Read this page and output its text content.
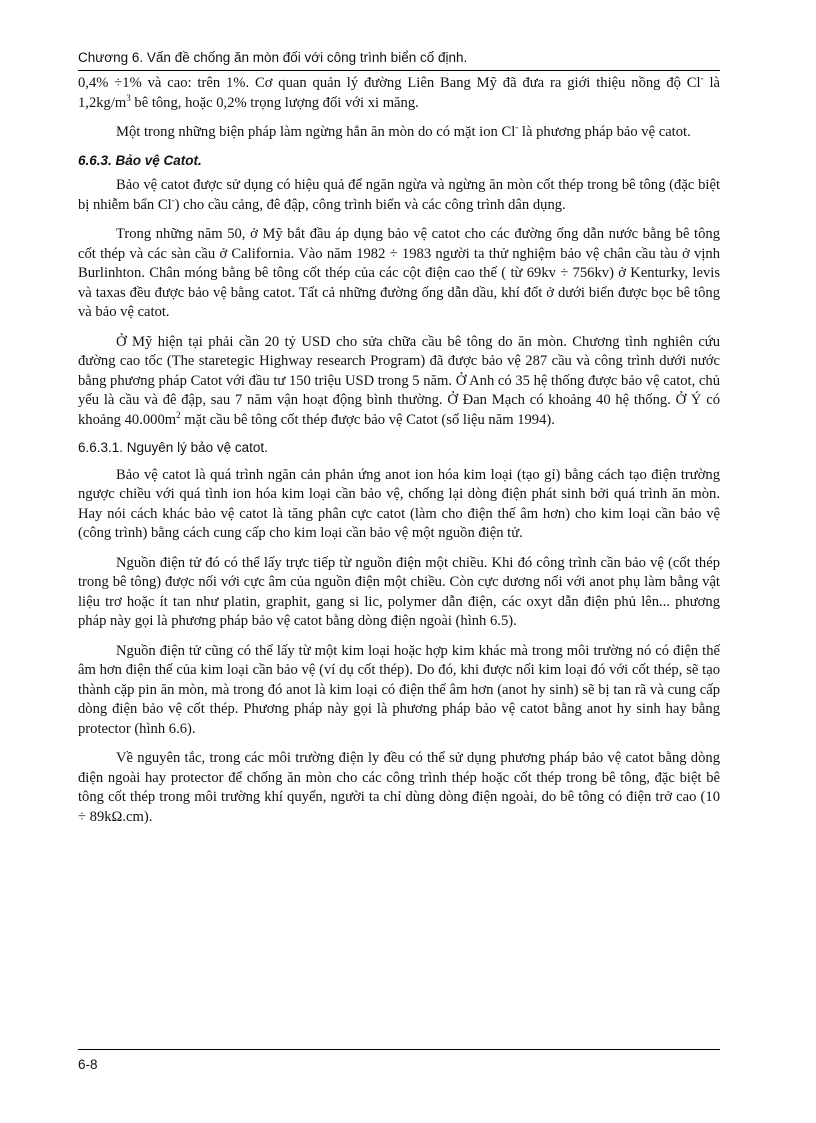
Chương 6. Vấn đề chống ăn mòn đối với công trình biển cố định.

0,4% ÷1% và cao: trên 1%. Cơ quan quản lý đường Liên Bang Mỹ đã đưa ra giới thiệu nồng độ Cl- là $1,2kg/m^3$ bê tông, hoặc 0,2% trọng lượng đối với xi măng.

Một trong những biện pháp làm ngừng hẳn ăn mòn do có mặt ion Cl- là phương pháp bảo vệ catot.

6.6.3. Bảo vệ Catot.

Bảo vệ catot được sử dụng có hiệu quả để ngăn ngừa và ngừng ăn mòn cốt thép trong bê tông (đặc biệt bị nhiễm bẩn Cl-) cho cầu cảng, đê đập, công trình biển và các công trình dân dụng.

Trong những năm 50, ở Mỹ bắt đầu áp dụng bảo vệ catot cho các đường ống dẫn nước bằng bê tông cốt thép và các sàn cầu ở California. Vào năm 1982 ÷ 1983 người ta thử nghiệm bảo vệ chân cầu tàu ở vịnh Burlinhton. Chân móng bằng bê tông cốt thép của các cột điện cao thế ( từ 69kv ÷ 756kv) ở Kenturky, levis và taxas đều được bảo vệ bằng catot. Tất cả những đường ống dẫn dầu, khí đốt ở dưới biển được bọc bê tông và bảo vệ catot.

Ở Mỹ hiện tại phải cần 20 tỷ USD cho sửa chữa cầu bê tông do ăn mòn. Chương tình nghiên cứu đường cao tốc (The staretegic Highway research Program) đã được bảo vệ 287 cầu và công trình dưới nước bằng phương pháp Catot với đầu tư 150 triệu USD trong 5 năm. Ở Anh có 35 hệ thống được bảo vệ catot, chủ yếu là cầu và đê đập, sau 7 năm vận hoạt động bình thường. Ở Đan Mạch có khoảng 40 hệ thống. Ở Ý có khoảng $40.000m^2$ mặt cầu bê tông cốt thép được bảo vệ Catot (số liệu năm 1994).

6.6.3.1. Nguyên lý bảo vệ catot.

Bảo vệ catot là quá trình ngăn cản phản ứng anot ion hóa kim loại (tạo gỉ) bằng cách tạo điện trường ngược chiều với quá tình ion hóa kim loại cần bảo vệ, chống lại dòng điện phát sinh bởi quá trình ăn mòn. Hay nói cách khác bảo vệ catot là tăng phân cực catot (làm cho điện thế âm hơn) cho kim loại cần bảo vệ (công trình) bằng cách cung cấp cho kim loại cần bảo vệ một nguồn điện tử.

Nguồn điện tử đó có thể lấy trực tiếp từ nguồn điện một chiều. Khi đó công trình cần bảo vệ (cốt thép trong bê tông) được nối với cực âm của nguồn điện một chiều. Còn cực dương nối với anot phụ làm bằng vật liệu trơ hoặc ít tan như platin, graphit, gang si lic, polymer dẫn điện, các oxyt dẫn điện phủ lên... phương pháp này gọi là phương pháp bảo vệ catot bằng dòng điện ngoài (hình 6.5).

Nguồn điện tử cũng có thể lấy từ một kim loại hoặc hợp kim khác mà trong môi trường nó có điện thế âm hơn điện thế của kim loại cần bảo vệ (ví dụ cốt thép). Do đó, khi được nối kim loại đó với cốt thép, sẽ tạo thành cặp pin ăn mòn, mà trong đó anot là kim loại có điện thế âm hơn (anot hy sinh) sẽ bị tan rã và cung cấp dòng điện bảo vệ cốt thép. Phương pháp này gọi là phương pháp bảo vệ catot bằng anot hy sinh hay bằng protector (hình 6.6).

Về nguyên tắc, trong các môi trường điện ly đều có thể sử dụng phương pháp bảo vệ catot bằng dòng điện ngoài hay protector để chống ăn mòn cho các công trình thép hoặc cốt thép trong bê tông, đặc biệt bê tông cốt thép trong môi trường khí quyển, người ta chỉ dùng dòng điện ngoài, do bê tông có điện trở cao (10 ÷ 89kΩ.cm).

6-8
